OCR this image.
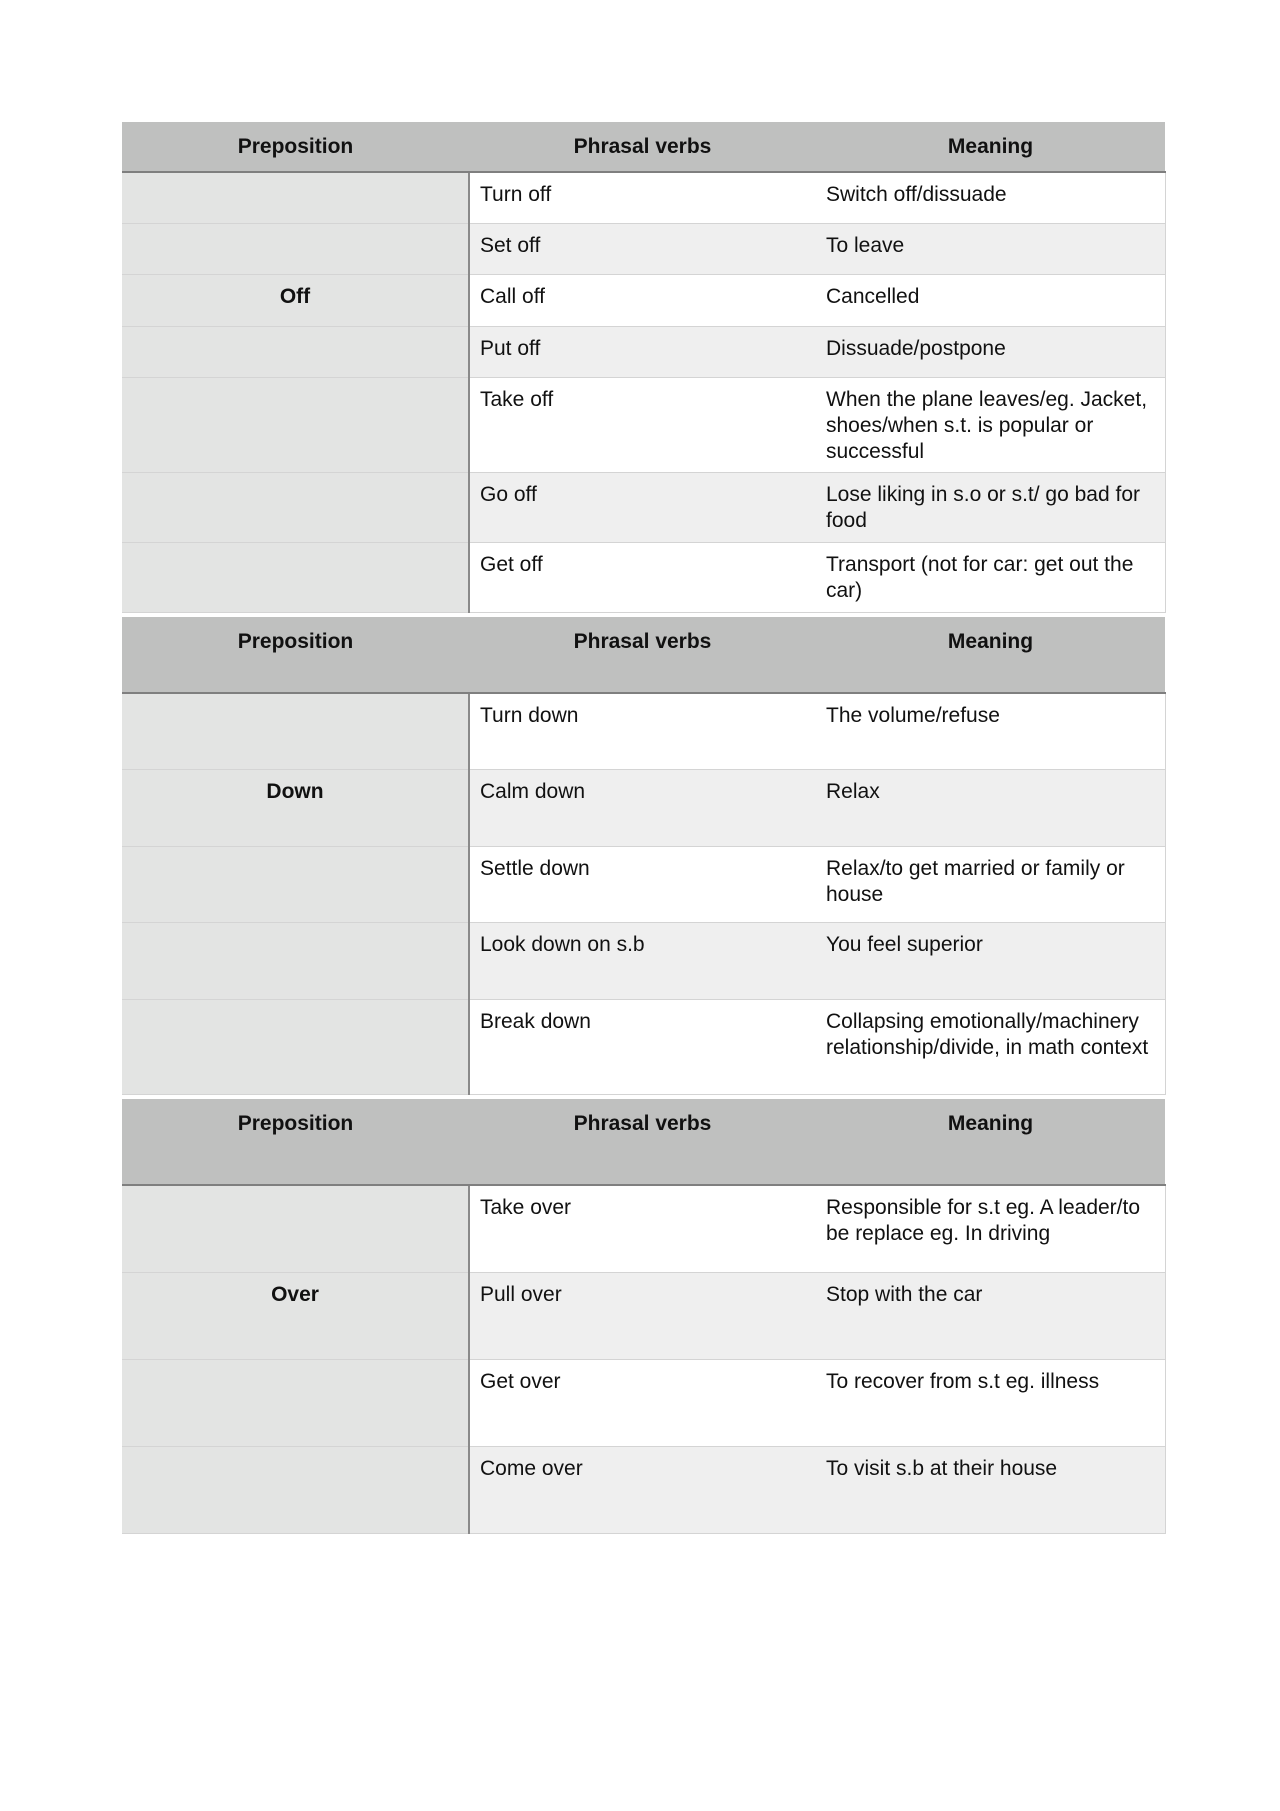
Preposition	Phrasal verbs	Meaning
	Turn off	Switch off/dissuade
	Set off	To leave
Off	Call off	Cancelled
	Put off	Dissuade/postpone
	Take off	When the plane leaves/eg. Jacket, shoes/when s.t. is popular or successful
	Go off	Lose liking in s.o or s.t/ go bad for food
	Get off	Transport (not for car: get out the car)
Preposition	Phrasal verbs	Meaning
	Turn down	The volume/refuse
Down	Calm down	Relax
	Settle down	Relax/to get married or family or house
	Look down on s.b	You feel superior
	Break down	Collapsing emotionally/machinery relationship/divide, in math context
Preposition	Phrasal verbs	Meaning
	Take over	Responsible for s.t eg. A leader/to be replace eg. In driving
Over	Pull over	Stop with the car
	Get over	To recover from s.t eg. illness
	Come over	To visit s.b at their house
